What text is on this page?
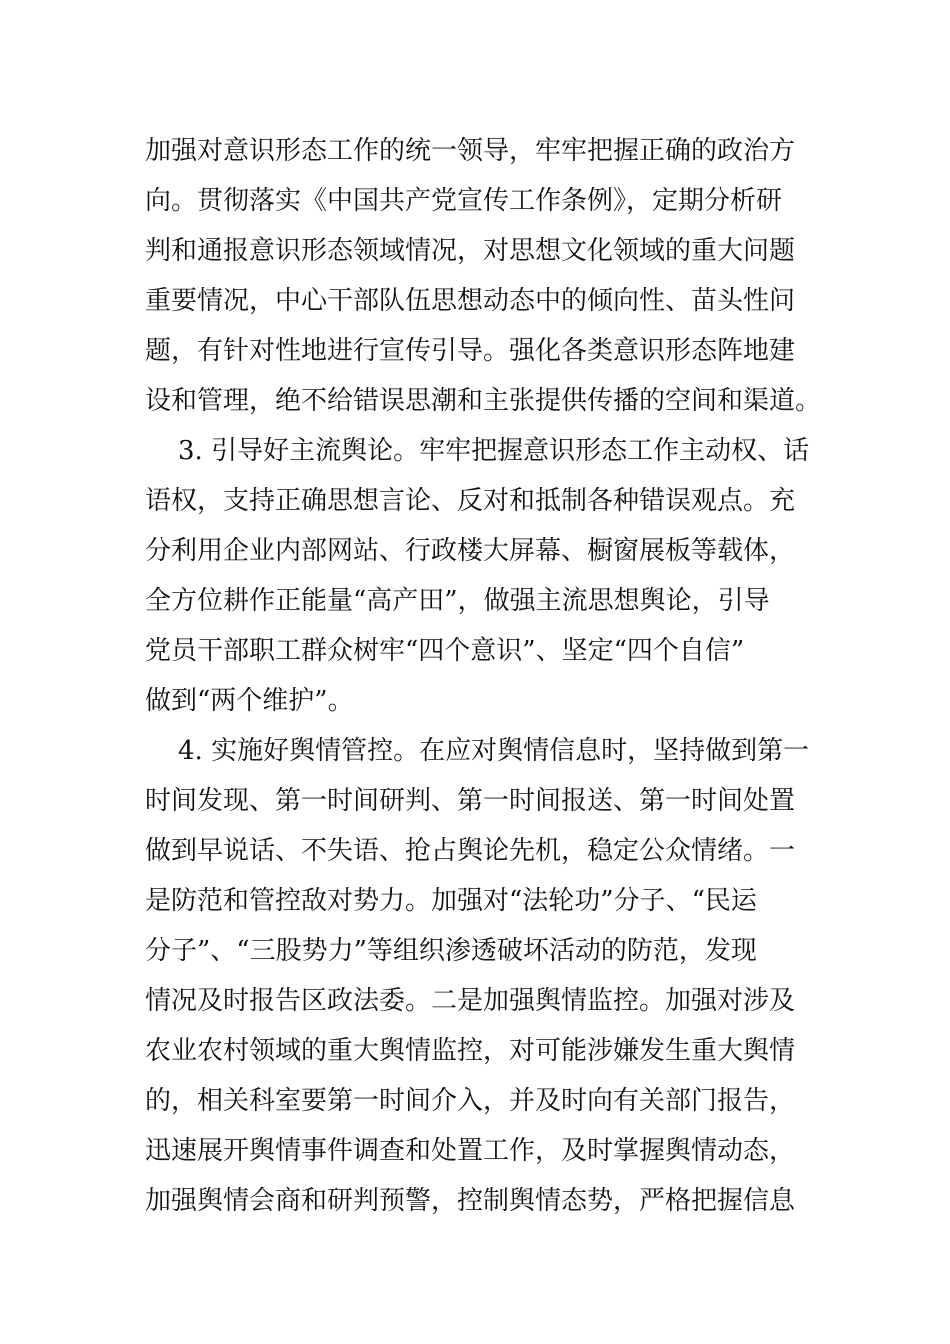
加强对意识形态工作的统一领导，牢牢把握正确的政治方
向。贯彻落实《中国共产党宣传工作条例》，定期分析研
判和通报意识形态领域情况，对思想文化领域的重大问题
重要情况，中心干部队伍思想动态中的倾向性、苗头性问
题，有针对性地进行宣传引导。强化各类意识形态阵地建
设和管理，绝不给错误思潮和主张提供传播的空间和渠道。
3. 引导好主流舆论。牢牢把握意识形态工作主动权、话
语权，支持正确思想言论、反对和抵制各种错误观点。充
分利用企业内部网站、行政楼大屏幕、橱窗展板等载体，
全方位耕作正能量“高产田”，做强主流思想舆论，引导
党员干部职工群众树牢“四个意识”、坚定“四个自信”
做到“两个维护”。
4. 实施好舆情管控。在应对舆情信息时，坚持做到第一
时间发现、第一时间研判、第一时间报送、第一时间处置
做到早说话、不失语、抢占舆论先机，稳定公众情绪。一
是防范和管控敌对势力。加强对“法轮功”分子、“民运
分子”、“三股势力”等组织渗透破坏活动的防范，发现
情况及时报告区政法委。二是加强舆情监控。加强对涉及
农业农村领域的重大舆情监控，对可能涉嫌发生重大舆情
的，相关科室要第一时间介入，并及时向有关部门报告，
迅速展开舆情事件调查和处置工作，及时掌握舆情动态，
加强舆情会商和研判预警，控制舆情态势，严格把握信息
